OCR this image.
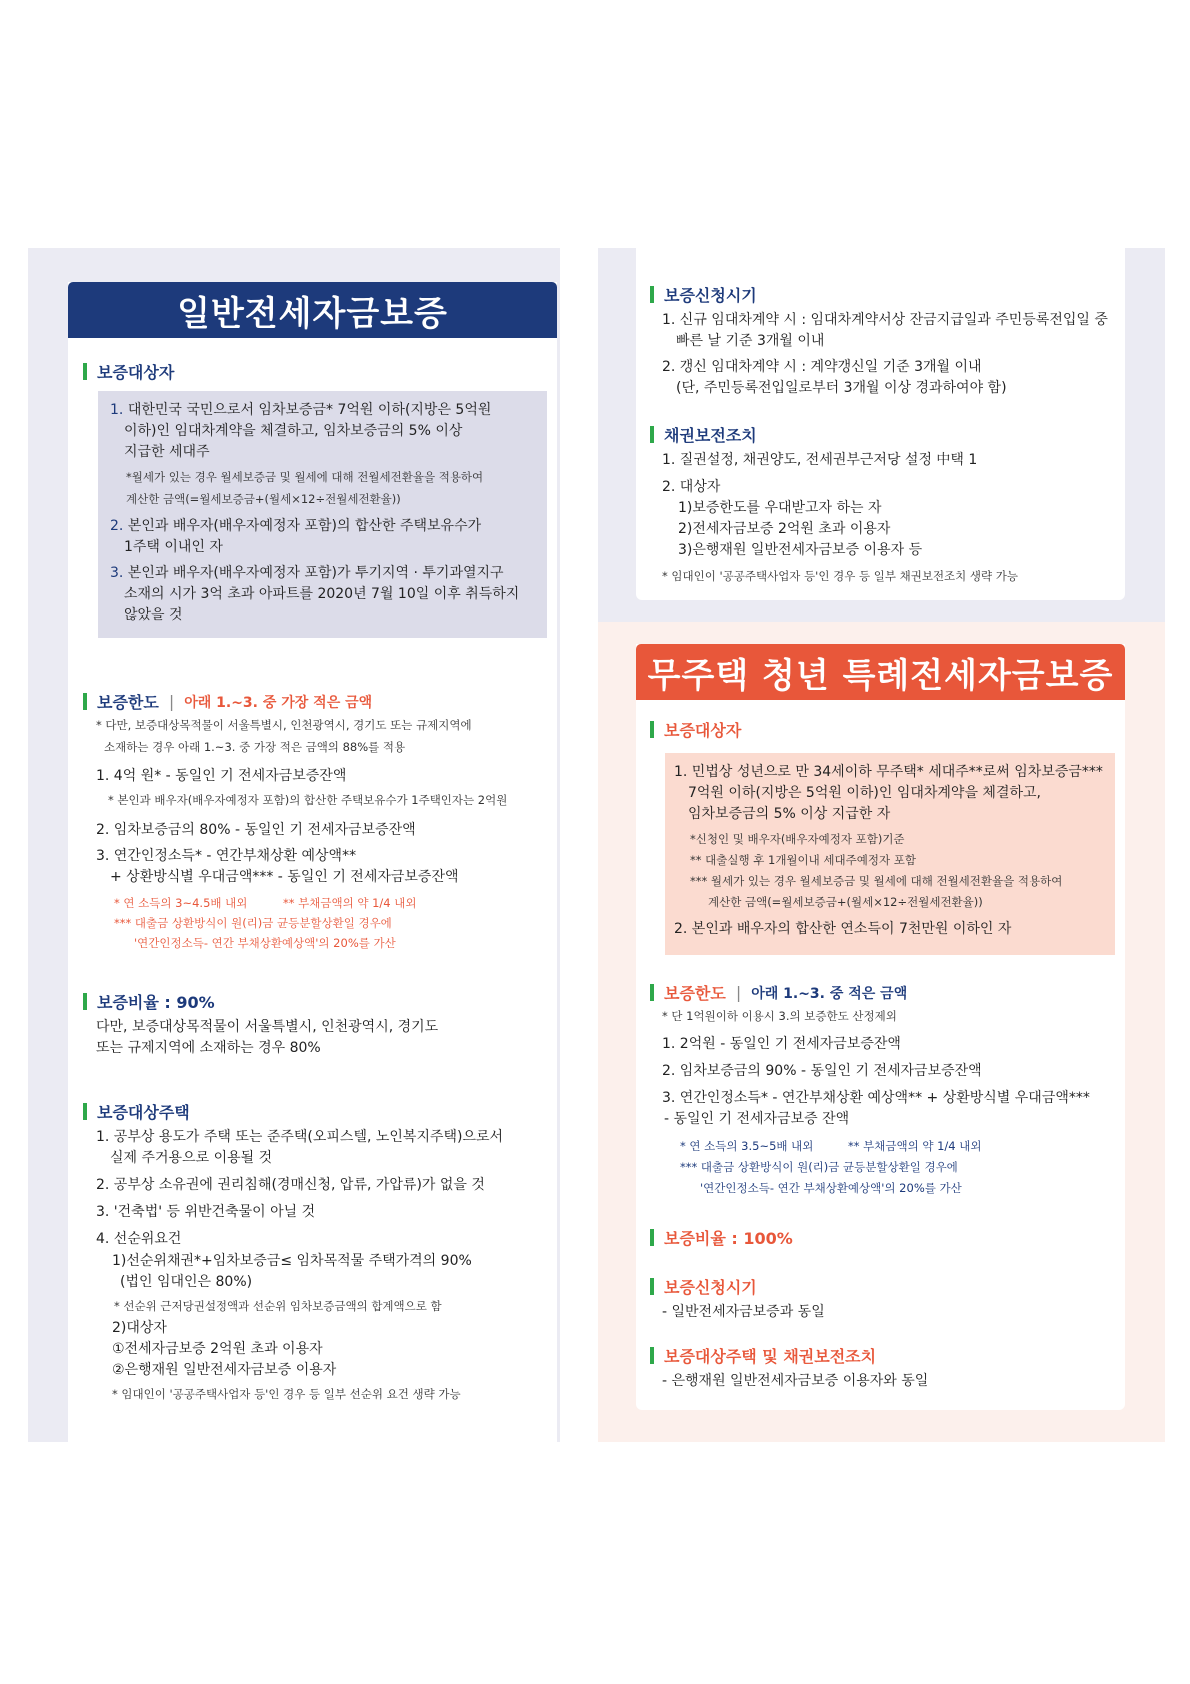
일반전세자금보증
보증대상자
1. 대한민국 국민으로서 임차보증금* 7억원 이하(지방은 5억원
이하)인 임대차계약을 체결하고, 임차보증금의 5% 이상
지급한 세대주
*월세가 있는 경우 월세보증금 및 월세에 대해 전월세전환율을 적용하여
계산한 금액(=월세보증금+(월세×12÷전월세전환율))
2. 본인과 배우자(배우자예정자 포함)의 합산한 주택보유수가
1주택 이내인 자
3. 본인과 배우자(배우자예정자 포함)가 투기지역 · 투기과열지구
소재의 시가 3억 초과 아파트를 2020년 7월 10일 이후 취득하지
않았을 것
보증한도 | 아래 1.~3. 중 가장 적은 금액
* 다만, 보증대상목적물이 서울특별시, 인천광역시, 경기도 또는 규제지역에
소재하는 경우 아래 1.~3. 중 가장 적은 금액의 88%를 적용
1. 4억 원* - 동일인 기 전세자금보증잔액
* 본인과 배우자(배우자예정자 포함)의 합산한 주택보유수가 1주택인자는 2억원
2. 임차보증금의 80% - 동일인 기 전세자금보증잔액
3. 연간인정소득* - 연간부채상환 예상액**
+ 상환방식별 우대금액*** - 동일인 기 전세자금보증잔액
* 연 소득의 3~4.5배 내외	** 부채금액의 약 1/4 내외
*** 대출금 상환방식이 원(리)금 균등분할상환일 경우에
'연간인정소득- 연간 부채상환예상액'의 20%를 가산
보증비율 : 90%
다만, 보증대상목적물이 서울특별시, 인천광역시, 경기도
또는 규제지역에 소재하는 경우 80%
보증대상주택
1. 공부상 용도가 주택 또는 준주택(오피스텔, 노인복지주택)으로서
실제 주거용으로 이용될 것
2. 공부상 소유권에 권리침해(경매신청, 압류, 가압류)가 없을 것
3. '건축법' 등 위반건축물이 아닐 것
4. 선순위요건
1)선순위채권*+임차보증금≤ 임차목적물 주택가격의 90%
(법인 임대인은 80%)
* 선순위 근저당권설정액과 선순위 임차보증금액의 합계액으로 함
2)대상자
①전세자금보증 2억원 초과 이용자
②은행재원 일반전세자금보증 이용자
* 임대인이 '공공주택사업자 등'인 경우 등 일부 선순위 요건 생략 가능
보증신청시기
1. 신규 임대차계약 시 : 임대차계약서상 잔금지급일과 주민등록전입일 중
빠른 날 기준 3개월 이내
2. 갱신 임대차계약 시 : 계약갱신일 기준 3개월 이내
(단, 주민등록전입일로부터 3개월 이상 경과하여야 함)
채권보전조치
1. 질권설정, 채권양도, 전세권부근저당 설정 中택 1
2. 대상자
1)보증한도를 우대받고자 하는 자
2)전세자금보증 2억원 초과 이용자
3)은행재원 일반전세자금보증 이용자 등
* 임대인이 '공공주택사업자 등'인 경우 등 일부 채권보전조치 생략 가능
무주택 청년 특례전세자금보증
보증대상자
1. 민법상 성년으로 만 34세이하 무주택* 세대주**로써 임차보증금***
7억원 이하(지방은 5억원 이하)인 임대차계약을 체결하고,
임차보증금의 5% 이상 지급한 자
*신청인 및 배우자(배우자예정자 포함)기준
** 대출실행 후 1개월이내 세대주예정자 포함
*** 월세가 있는 경우 월세보증금 및 월세에 대해 전월세전환율을 적용하여
계산한 금액(=월세보증금+(월세×12÷전월세전환율))
2. 본인과 배우자의 합산한 연소득이 7천만원 이하인 자
보증한도 | 아래 1.~3. 중 적은 금액
* 단 1억원이하 이용시 3.의 보증한도 산정제외
1. 2억원 - 동일인 기 전세자금보증잔액
2. 임차보증금의 90% - 동일인 기 전세자금보증잔액
3. 연간인정소득* - 연간부채상환 예상액** + 상환방식별 우대금액***
- 동일인 기 전세자금보증 잔액
* 연 소득의 3.5~5배 내외	** 부채금액의 약 1/4 내외
*** 대출금 상환방식이 원(리)금 균등분할상환일 경우에
'연간인정소득- 연간 부채상환예상액'의 20%를 가산
보증비율 : 100%
보증신청시기
- 일반전세자금보증과 동일
보증대상주택 및 채권보전조치
- 은행재원 일반전세자금보증 이용자와 동일
